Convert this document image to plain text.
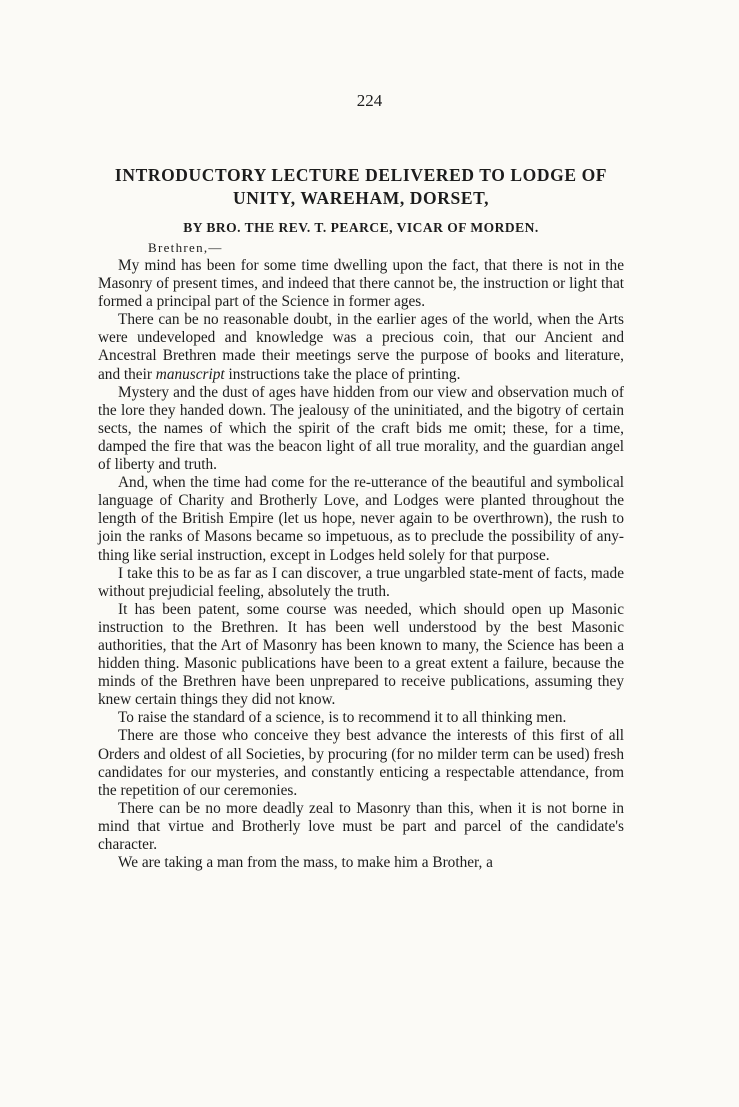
224
INTRODUCTORY LECTURE DELIVERED TO LODGE OF
UNITY, WAREHAM, DORSET,
BY BRO. THE REV. T. PEARCE, VICAR OF MORDEN.
Brethren,—

My mind has been for some time dwelling upon the fact, that there is not in the Masonry of present times, and indeed that there cannot be, the instruction or light that formed a principal part of the Science in former ages.

There can be no reasonable doubt, in the earlier ages of the world, when the Arts were undeveloped and knowledge was a precious coin, that our Ancient and Ancestral Brethren made their meetings serve the purpose of books and literature, and their manuscript instructions take the place of printing.

Mystery and the dust of ages have hidden from our view and observation much of the lore they handed down. The jealousy of the uninitiated, and the bigotry of certain sects, the names of which the spirit of the craft bids me omit; these, for a time, damped the fire that was the beacon light of all true morality, and the guardian angel of liberty and truth.

And, when the time had come for the re-utterance of the beautiful and symbolical language of Charity and Brotherly Love, and Lodges were planted throughout the length of the British Empire (let us hope, never again to be overthrown), the rush to join the ranks of Masons became so impetuous, as to preclude the possibility of any-thing like serial instruction, except in Lodges held solely for that purpose.

I take this to be as far as I can discover, a true ungarbled state-ment of facts, made without prejudicial feeling, absolutely the truth.

It has been patent, some course was needed, which should open up Masonic instruction to the Brethren. It has been well understood by the best Masonic authorities, that the Art of Masonry has been known to many, the Science has been a hidden thing. Masonic publications have been to a great extent a failure, because the minds of the Brethren have been unprepared to receive publications, assuming they knew certain things they did not know.

To raise the standard of a science, is to recommend it to all thinking men.

There are those who conceive they best advance the interests of this first of all Orders and oldest of all Societies, by procuring (for no milder term can be used) fresh candidates for our mysteries, and constantly enticing a respectable attendance, from the repetition of our ceremonies.

There can be no more deadly zeal to Masonry than this, when it is not borne in mind that virtue and Brotherly love must be part and parcel of the candidate's character.

We are taking a man from the mass, to make him a Brother, a
